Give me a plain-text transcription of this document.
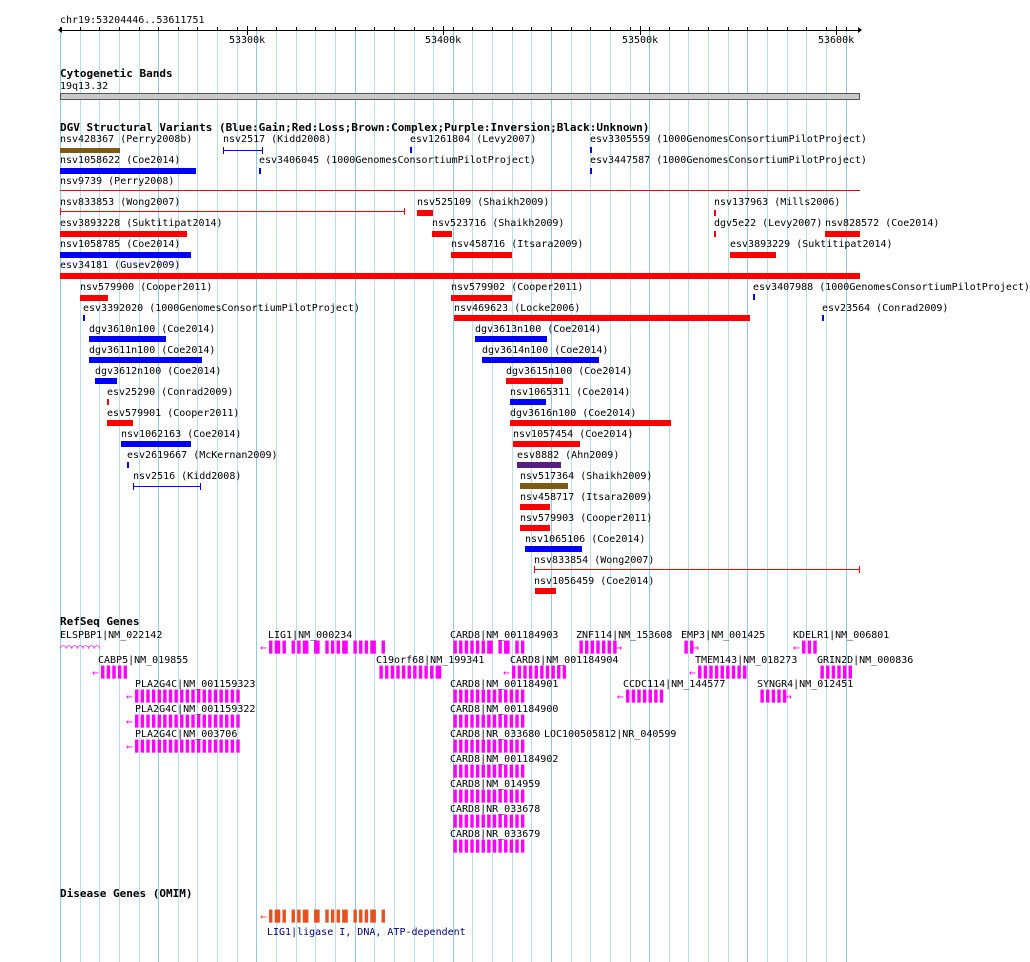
chr19:53204446..53611751
53300k	53400k	53500k	53600k
Cytogenetic Bands
19q13.32
DGV Structural Variants (Blue:Gain;Red:Loss;Brown:Complex;Purple:Inversion;Black:Unknown)
nsv428367 (Perry2008b)	nsv2517 (Kidd2008)	esv1261804 (Levy2007)	esv3305559 (1000GenomesConsortiumPilotProject)
nsv1058622 (Coe2014)	esv3406045 (1000GenomesConsortiumPilotProject)	esv3447587 (1000GenomesConsortiumPilotProject)
nsv9739 (Perry2008)
nsv833853 (Wong2007)	nsv525109 (Shaikh2009)	nsv137963 (Mills2006)
esv3893228 (Suktitipat2014)	nsv523716 (Shaikh2009)	dgv5e22 (Levy2007) nsv828572 (Coe2014)
nsv1058785 (Coe2014)	nsv458716 (Itsara2009)	esv3893229 (Suktitipat2014)
esv34181 (Gusev2009)
nsv579900 (Cooper2011)	nsv579902 (Cooper2011)	esv3407988 (1000GenomesConsortiumPilotProject)
esv3392020 (1000GenomesConsortiumPilotProject)	nsv469623 (Locke2006)	esv23564 (Conrad2009)
dgv3610n100 (Coe2014)	dgv3613n100 (Coe2014)
dgv3611n100 (Coe2014)	dgv3614n100 (Coe2014)
dgv3612n100 (Coe2014)	dgv3615n100 (Coe2014)
esv25290 (Conrad2009)	nsv1065311 (Coe2014)
esv579901 (Cooper2011)	dgv3616n100 (Coe2014)
nsv1062163 (Coe2014)	nsv1057454 (Coe2014)
esv2619667 (McKernan2009)	esv8882 (Ahn2009)
nsv2516 (Kidd2008)	nsv517364 (Shaikh2009)
nsv458717 (Itsara2009)
nsv579903 (Cooper2011)
nsv1065106 (Coe2014)
nsv833854 (Wong2007)
nsv1056459 (Coe2014)
RefSeq Genes
ELSPBP1|NM_022142
⌒⌒⌒⌒⌒⌒⌒
LIG1|NM_000234
←▐▐▌▌▐▐▐▌▐▌▐▐▐▐▌▐▐▐▐▌▐
CARD8|NM_001184903
▐▐▐▐▐▐▐▌▐▐▌▐▐
ZNF114|NM_153608
▐▐▐▐▐▐▐→
EMP3|NM_001425
▐▐→
KDELR1|NM_006801
←▐▐▐
CABP5|NM_019855
←▐▐▐▐▐
C19orf68|NM_199341
▐▐▐▐▐▐▐▐▐▐▐▌
CARD8|NM_001184904
←▐▐▐▐▐▐▐▐▐▐
TMEM143|NM_018273
←▐▐▐▐▐▐▐▐▐
GRIN2D|NM_000836
▐▐▐▐▐▐
PLA2G4C|NM_001159323
←▐▐▐▐▐▐▐▐▐▐▐▐▐▐▐▐▐▐▐
CARD8|NM_001184901
▐▐▐▐▐▐▐▐▐▐▐▐▐
CCDC114|NM_144577
←▐▐▐▐▐▐▐
SYNGR4|NM_012451
▐▐▐▐▐→
PLA2G4C|NM_001159322
←▐▐▐▐▐▐▐▐▐▐▐▐▐▐▐▐▐▐▐
CARD8|NM_001184900
▐▐▐▐▐▐▐▐▐▐▐▐▐
PLA2G4C|NM_003706
←▐▐▐▐▐▐▐▐▐▐▐▐▐▐▐▐▐▐▐
CARD8|NR_033680
▐▐▐▐▐▐▐▐▐▐▐▐▐
LOC100505812|NR_040599
CARD8|NM_001184902
▐▐▐▐▐▐▐▐▐▐▐▐▐
CARD8|NM_014959
▐▐▐▐▐▐▐▐▐▐▐▐▐
CARD8|NR_033678
▐▐▐▐▐▐▐▐▐▐▐▐▐
CARD8|NR_033679
▐▐▐▐▐▐▐▐▐▐▐▐▐
Disease Genes (OMIM)
←▐▐▌▌▐▐▐▌▐▌▐▐▐▐▌▐▐▐▐▌▐
LIG1|ligase I, DNA, ATP-dependent
